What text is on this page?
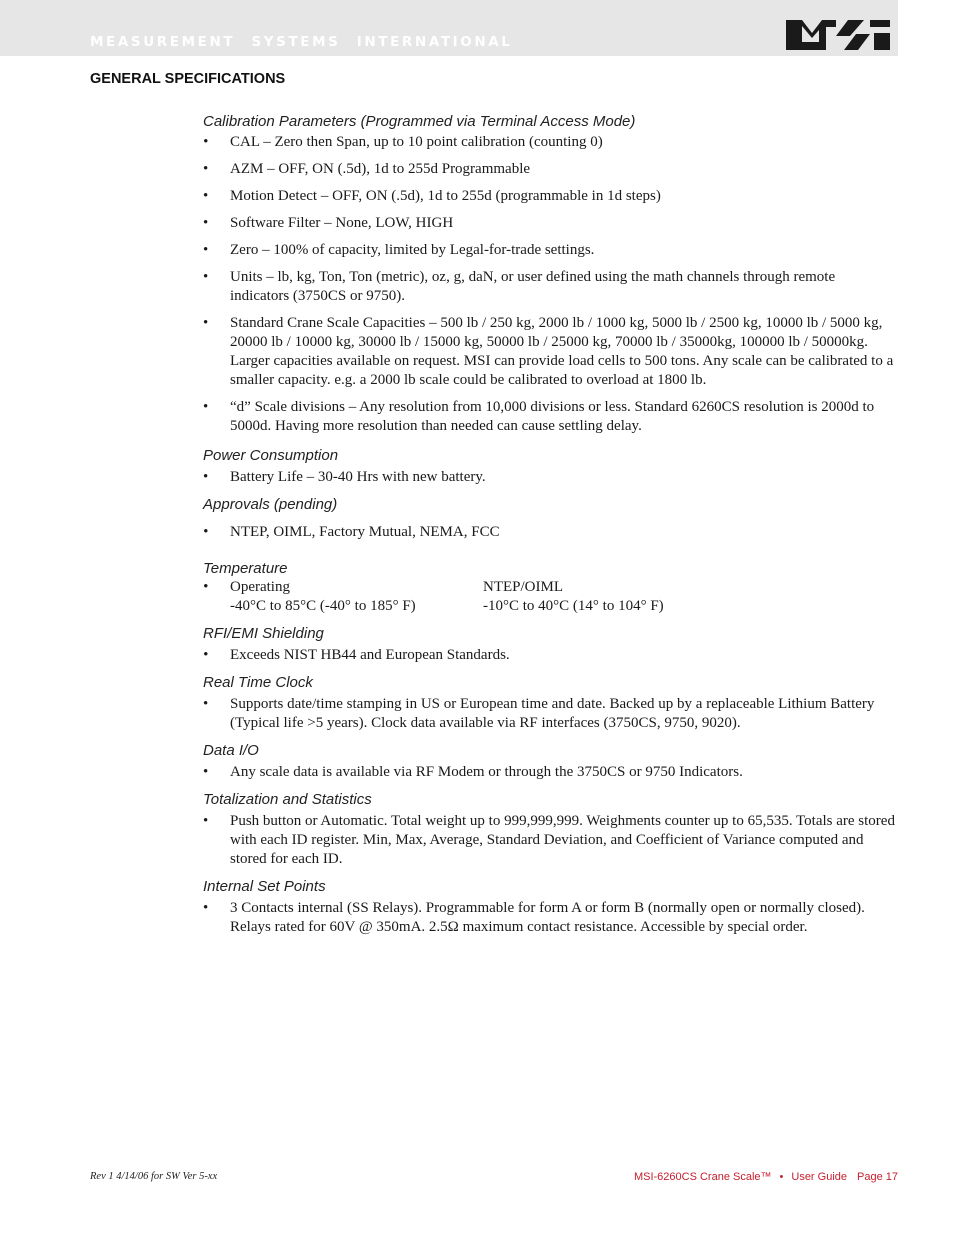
MEASUREMENT SYSTEMS INTERNATIONAL
GENERAL SPECIFICATIONS
Calibration Parameters (Programmed via Terminal Access Mode)
• CAL – Zero then Span, up to 10 point calibration (counting 0)
• AZM – OFF, ON (.5d), 1d to 255d Programmable
• Motion Detect – OFF, ON (.5d), 1d to 255d (programmable in 1d steps)
• Software Filter – None, LOW, HIGH
• Zero – 100% of capacity, limited by Legal-for-trade settings.
• Units – lb, kg, Ton, Ton (metric), oz, g, daN, or user defined using the math channels through remote indicators (3750CS or 9750).
• Standard Crane Scale Capacities – 500 lb / 250 kg, 2000 lb / 1000 kg, 5000 lb / 2500 kg, 10000 lb / 5000 kg, 20000 lb / 10000 kg, 30000 lb / 15000 kg, 50000 lb / 25000 kg, 70000 lb / 35000kg, 100000 lb / 50000kg. Larger capacities available on request. MSI can provide load cells to 500 tons. Any scale can be calibrated to a smaller capacity. e.g. a 2000 lb scale could be calibrated to overload at 1800 lb.
• “d” Scale divisions – Any resolution from 10,000 divisions or less. Standard 6260CS resolution is 2000d to 5000d. Having more resolution than needed can cause settling delay.
Power Consumption
• Battery Life – 30-40 Hrs with new battery.
Approvals (pending)
• NTEP, OIML, Factory Mutual, NEMA, FCC
Temperature
• Operating
-40°C to 85°C (-40° to 185° F)
NTEP/OIML
-10°C to 40°C (14° to 104° F)
RFI/EMI Shielding
• Exceeds NIST HB44 and European Standards.
Real Time Clock
• Supports date/time stamping in US or European time and date. Backed up by a replaceable Lithium Battery (Typical life >5 years). Clock data available via RF interfaces (3750CS, 9750, 9020).
Data I/O
• Any scale data is available via RF Modem or through the 3750CS or 9750 Indicators.
Totalization and Statistics
• Push button or Automatic. Total weight up to 999,999,999. Weighments counter up to 65,535. Totals are stored with each ID register. Min, Max, Average, Standard Deviation, and Coefficient of Variance computed and stored for each ID.
Internal Set Points
• 3 Contacts internal (SS Relays). Programmable for form A or form B (normally open or normally closed). Relays rated for 60V @ 350mA. 2.5Ω maximum contact resistance. Accessible by special order.
Rev 1 4/14/06 for SW Ver 5-xx	MSI-6260CS Crane Scale™ • User Guide Page 17
